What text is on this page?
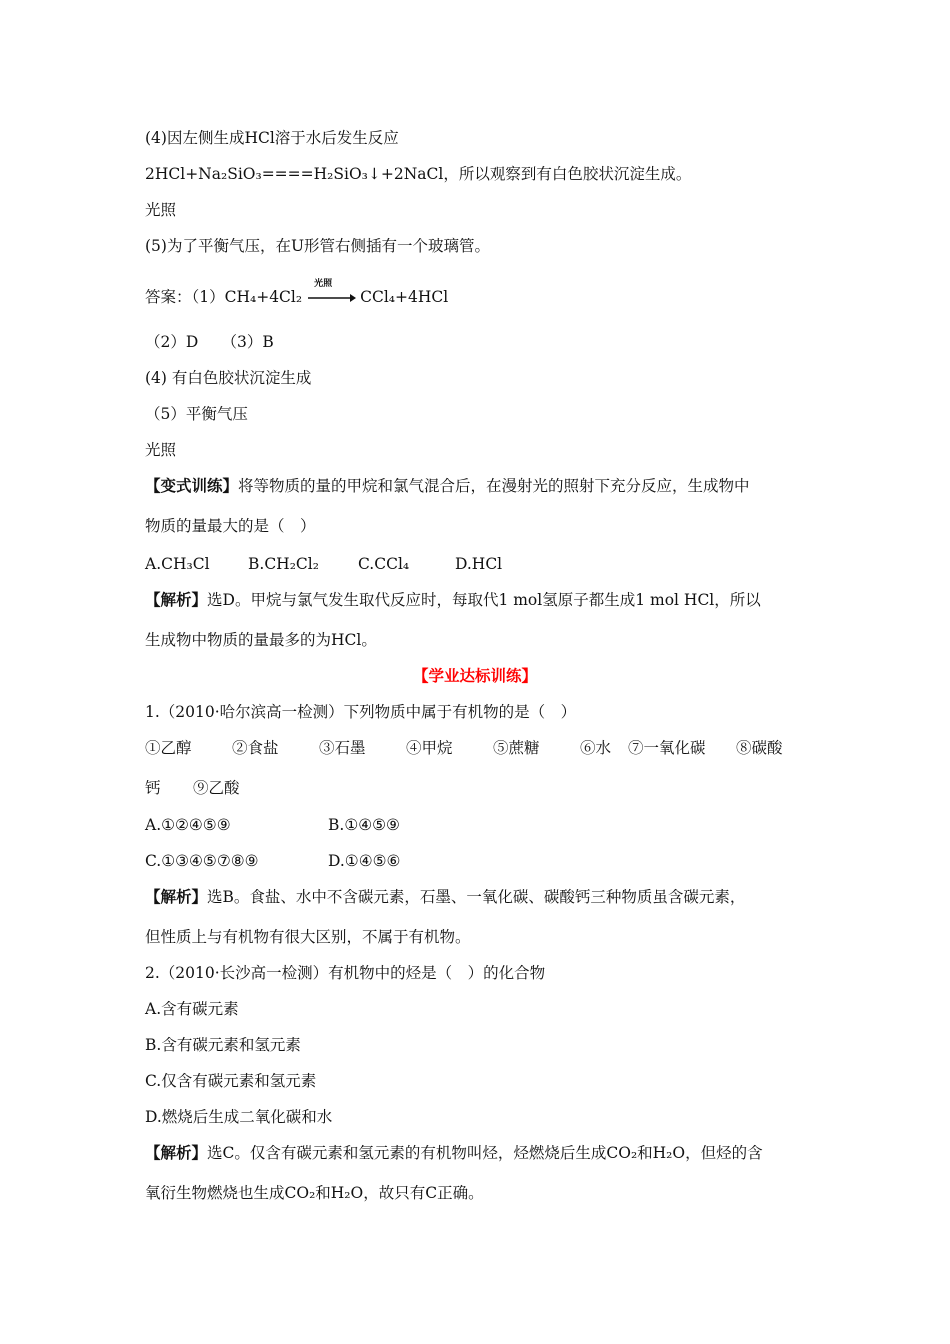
(4)因左侧生成HCl溶于水后发生反应
2HCl+Na₂SiO₃====H₂SiO₃↓+2NaCl，所以观察到有白色胶状沉淀生成。
光照
(5)为了平衡气压，在U形管右侧插有一个玻璃管。
答案：（1）CH₄+4Cl₂
光照
CCl₄+4HCl
（2）D　　（3）B
(4) 有白色胶状沉淀生成
（5）平衡气压
光照
【变式训练】将等物质的量的甲烷和氯气混合后，在漫射光的照射下充分反应，生成物中
物质的量最大的是（　）
A.CH₃Cl B.CH₂Cl₂	C.CCl₄	D.HCl
【解析】选D。甲烷与氯气发生取代反应时，每取代1 mol氢原子都生成1 mol HCl，所以
生成物中物质的量最多的为HCl。
【学业达标训练】
1.（2010·哈尔滨高一检测）下列物质中属于有机物的是（　）
①乙醇	②食盐	③石墨	④甲烷	⑤蔗糖	⑥水 ⑦一氧化碳 ⑧碳酸
钙 ⑨乙酸
A.①②④⑤⑨	B.①④⑤⑨
C.①③④⑤⑦⑧⑨	D.①④⑤⑥
【解析】选B。食盐、水中不含碳元素，石墨、一氧化碳、碳酸钙三种物质虽含碳元素，
但性质上与有机物有很大区别，不属于有机物。
2.（2010·长沙高一检测）有机物中的烃是（　）的化合物
A.含有碳元素
B.含有碳元素和氢元素
C.仅含有碳元素和氢元素
D.燃烧后生成二氧化碳和水
【解析】选C。仅含有碳元素和氢元素的有机物叫烃，烃燃烧后生成CO₂和H₂O，但烃的含
氧衍生物燃烧也生成CO₂和H₂O，故只有C正确。
